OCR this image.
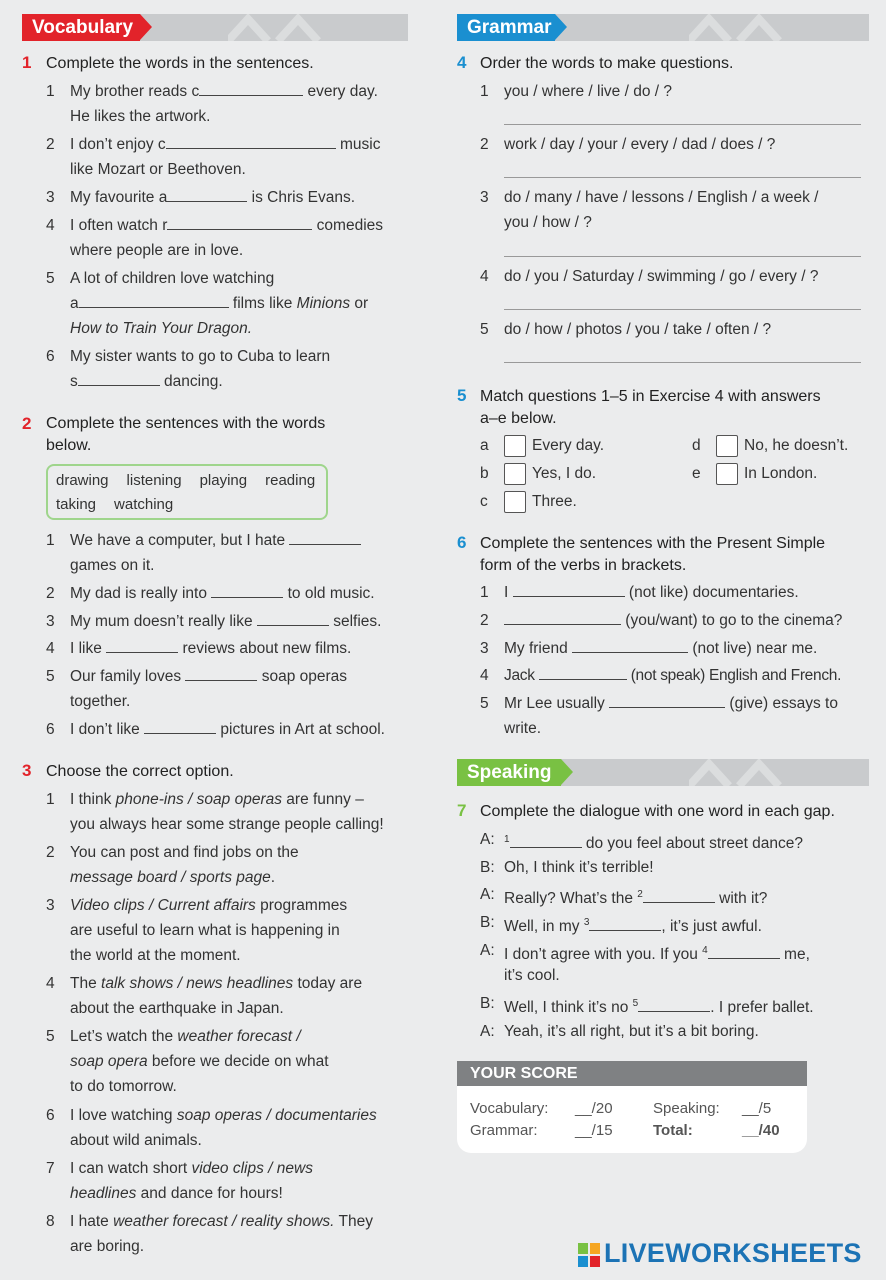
Vocabulary
1 Complete the words in the sentences.
1 My brother reads c	every day.
He likes the artwork.
2 I don’t enjoy c	music
like Mozart or Beethoven.
3 My favourite a	is Chris Evans.
4 I often watch r	comedies
where people are in love.
5 A lot of children love watching
a	films like Minions or
How to Train Your Dragon.
6 My sister wants to go to Cuba to learn
s	dancing.
2 Complete the sentences with the words
below.
drawing listening playing reading
taking watching
1 We have a computer, but I hate
games on it.
2 My dad is really into	to old music.
3 My mum doesn’t really like	selfies.
4 I like	reviews about new films.
5 Our family loves	soap operas
together.
6 I don’t like	pictures in Art at school.
3 Choose the correct option.
1 I think phone-ins / soap operas are funny –
you always hear some strange people calling!
2 You can post and find jobs on the
message board / sports page.
3 Video clips / Current affairs programmes
are useful to learn what is happening in
the world at the moment.
4 The talk shows / news headlines today are
about the earthquake in Japan.
5 Let’s watch the weather forecast /
soap opera before we decide on what
to do tomorrow.
6 I love watching soap operas / documentaries
about wild animals.
7 I can watch short video clips / news
headlines and dance for hours!
8 I hate weather forecast / reality shows. They
are boring.
Grammar
4 Order the words to make questions.
1 you / where / live / do / ?
2 work / day / your / every / dad / does / ?
3 do / many / have / lessons / English / a week /
you / how / ?
4 do / you / Saturday / swimming / go / every / ?
5 do / how / photos / you / take / often / ?
5 Match questions 1–5 in Exercise 4 with answers
a–e below.
a	Every day.
b	Yes, I do.
c	Three.
d	No, he doesn’t.
e	In London.
6 Complete the sentences with the Present Simple
form of the verbs in brackets.
1 I	(not like) documentaries.
2	(you/want) to go to the cinema?
3 My friend	(not live) near me.
4 Jack	(not speak) English and French.
5 Mr Lee usually	(give) essays to
write.
Speaking
7 Complete the dialogue with one word in each gap.
A: $^1$	do you feel about street dance?
B: Oh, I think it’s terrible!
A: Really? What’s the $^2$	with it?
B: Well, in my $^3$	, it’s just awful.
A: I don’t agree with you. If you $^4$	me,
it’s cool.
B: Well, I think it’s no $^5$	. I prefer ballet.
A: Yeah, it’s all right, but it’s a bit boring.
YOUR SCORE
Vocabulary: __/20
Grammar:	__/15
Speaking: __/5
Total:	__/40
LIVEWORKSHEETS
